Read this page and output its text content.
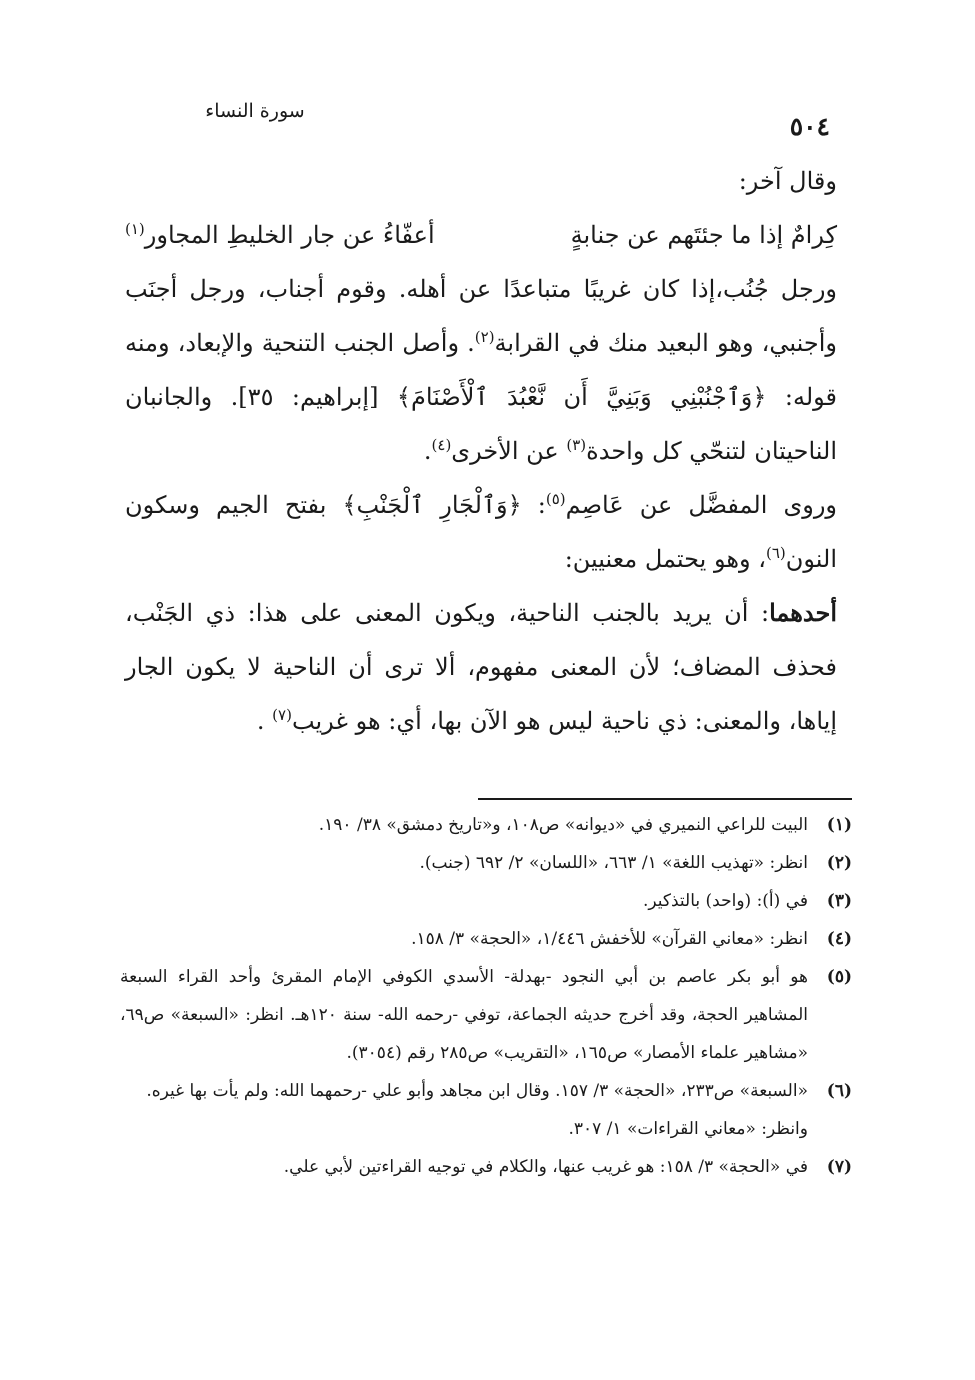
سورة النساء
٥٠٤

وقال آخر:

كِرامٌ إذا ما جئتَهم عن جنابةٍ
أعفّاءُ عن جار الخليطِ المجاور$^{(١)}$

ورجل جُنُب،إذا كان غريبًا متباعدًا عن أهله. وقوم أجناب، ورجل أجنَب وأجنبي، وهو البعيد منك في القرابة$^{(٢)}$. وأصل الجنب التنحية والإبعاد، ومنه قوله: ﴿وَٱجْنُبْنِي وَبَنِيَّ أَن نَّعْبُدَ ٱلْأَصْنَامَ﴾ [إبراهيم: ٣٥]. والجانبان الناحيتان لتنحّي كل واحدة$^{(٣)}$ عن الأخرى$^{(٤)}$.

وروى المفضَّل عن عَاصِم$^{(٥)}$: ﴿وَٱلْجَارِ ٱلْجَنْبِ﴾ بفتح الجيم وسكون النون$^{(٦)}$، وهو يحتمل معنيين:

أحدهما: أن يريد بالجنب الناحية، ويكون المعنى على هذا: ذي الجَنْب، فحذف المضاف؛ لأن المعنى مفهوم، ألا ترى أن الناحية لا يكون الجار إياها، والمعنى: ذي ناحية ليس هو الآن بها، أي: هو غريب$^{(٧)}$ .

(١)
البيت للراعي النميري في «ديوانه» ص١٠٨، و«تاريخ دمشق» ٣٨/ ١٩٠.
(٢)
انظر: «تهذيب اللغة» ١/ ٦٦٣، «اللسان» ٢/ ٦٩٢ (جنب).
(٣)
في (أ): (واحد) بالتذكير.
(٤)
انظر: «معاني القرآن» للأخفش ١/٤٤٦، «الحجة» ٣/ ١٥٨.
(٥)
هو أبو بكر عاصم بن أبي النجود -بهدلة- الأسدي الكوفي الإمام المقرئ وأحد القراء السبعة المشاهير الحجة، وقد أخرج حديثه الجماعة، توفي -رحمه الله- سنة ١٢٠هـ. انظر: «السبعة» ص٦٩، «مشاهير علماء الأمصار» ص١٦٥، «التقريب» ص٢٨٥ رقم (٣٠٥٤).
(٦)
«السبعة» ص٢٣٣، «الحجة» ٣/ ١٥٧. وقال ابن مجاهد وأبو علي -رحمهما الله: ولم يأت بها غيره.
وانظر: «معاني القراءات» ١/ ٣٠٧.
(٧)
في «الحجة» ٣/ ١٥٨: هو غريب عنها، والكلام في توجيه القراءتين لأبي علي.
